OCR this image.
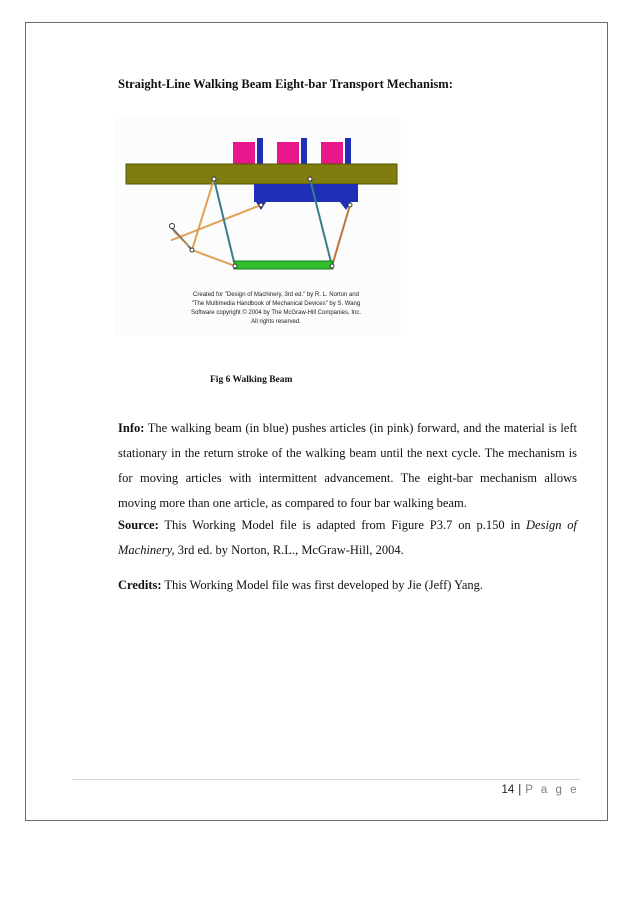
Straight-Line Walking Beam Eight-bar Transport Mechanism:
Created for "Design of Machinery, 3rd ed." by R. L. Norton and
"The Multimedia Handbook of Mechanical Devices" by S. Wang
Software copyright © 2004 by The McGraw-Hill Companies, Inc.
All rights reserved.
Fig 6 Walking Beam
Info: The walking beam (in blue) pushes articles (in pink) forward, and the material is left stationary in the return stroke of the walking beam until the next cycle. The mechanism is for moving articles with intermittent advancement. The eight-bar mechanism allows moving more than one article, as compared to four bar walking beam.
Source: This Working Model file is adapted from Figure P3.7 on p.150 in Design of Machinery, 3rd ed. by Norton, R.L., McGraw-Hill, 2004.
Credits: This Working Model file was first developed by Jie (Jeff) Yang.
14 | P a g e
